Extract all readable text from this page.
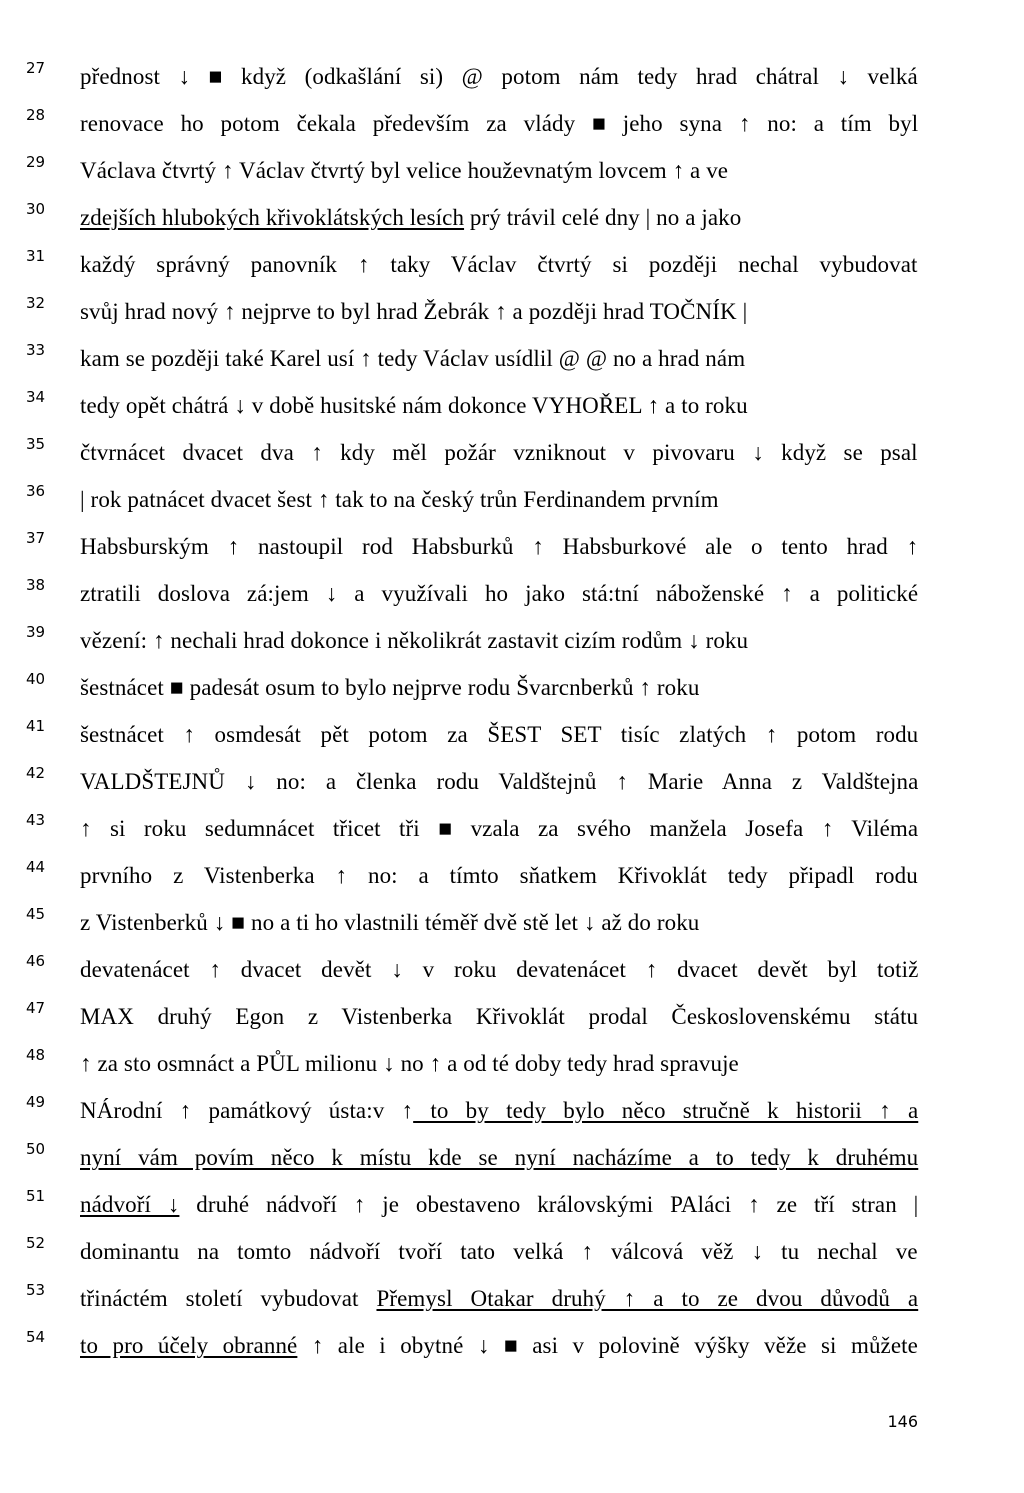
27 přednost ↓ ■ když (odkašlání si) @ potom nám tedy hrad chátral ↓ velká
28 renovace ho potom čekala především za vlády ■ jeho syna ↑ no: a tím byl
29 Václava čtvrtý ↑ Václav čtvrtý byl velice houževnatým lovcem ↑ a ve
30 zdejších hlubokých křivoklátských lesích prý trávil celé dny | no a jako
31 každý správný panovník ↑ taky Václav čtvrtý si později nechal vybudovat
32 svůj hrad nový ↑ nejprve to byl hrad Žebrák ↑ a později hrad TOČNÍK |
33 kam se později také Karel usí ↑ tedy Václav usídlil @ @ no a hrad nám
34 tedy opět chátrá ↓ v době husitské nám dokonce VYHOŘEL ↑ a to roku
35 čtvrnácet dvacet dva ↑ kdy měl požár vzniknout v pivovaru ↓ když se psal
36 | rok patnácet dvacet šest ↑ tak to na český trůn Ferdinandem prvním
37 Habsburským ↑ nastoupil rod Habsburků ↑ Habsburkové ale o tento hrad ↑
38 ztratili doslova zá:jem ↓ a využívali ho jako stá:tní náboženské ↑ a politické
39 vězení: ↑ nechali hrad dokonce i několikrát zastavit cizím rodům ↓ roku
40 šestnácet ■ padesát osum to bylo nejprve rodu Švarcnberků ↑ roku
41 šestnácet ↑ osmdesát pět potom za ŠEST SET tisíc zlatých ↑ potom rodu
42 VALDŠTEJNŮ ↓ no: a členka rodu Valdštejnů ↑ Marie Anna z Valdštejna
43 ↑ si roku sedumnácet třicet tři ■ vzala za svého manžela Josefa ↑ Viléma
44 prvního z Vistenberka ↑ no: a tímto sňatkem Křivoklát tedy připadl rodu
45 z Vistenberků ↓ ■ no a ti ho vlastnili téměř dvě stě let ↓ až do roku
46 devatenácet ↑ dvacet devět ↓ v roku devatenácet ↑ dvacet devět byl totiž
47 MAX druhý Egon z Vistenberka Křivoklát prodal Československému státu
48 ↑ za sto osmnáct a PŮL milionu ↓ no ↑ a od té doby tedy hrad spravuje
49 NÁrodní ↑ památkový ústa:v ↑ to by tedy bylo něco stručně k historii ↑ a
50 nyní vám povím něco k místu kde se nyní nacházíme a to tedy k druhému
51 nádvoří ↓ druhé nádvoří ↑ je obestaveno královskými PAláci ↑ ze tří stran |
52 dominantu na tomto nádvoří tvoří tato velká ↑ válcová věž ↓ tu nechal ve
53 třináctém století vybudovat Přemysl Otakar druhý ↑ a to ze dvou důvodů a
54 to pro účely obranné ↑ ale i obytné ↓ ■ asi v polovině výšky věže si můžete
146
